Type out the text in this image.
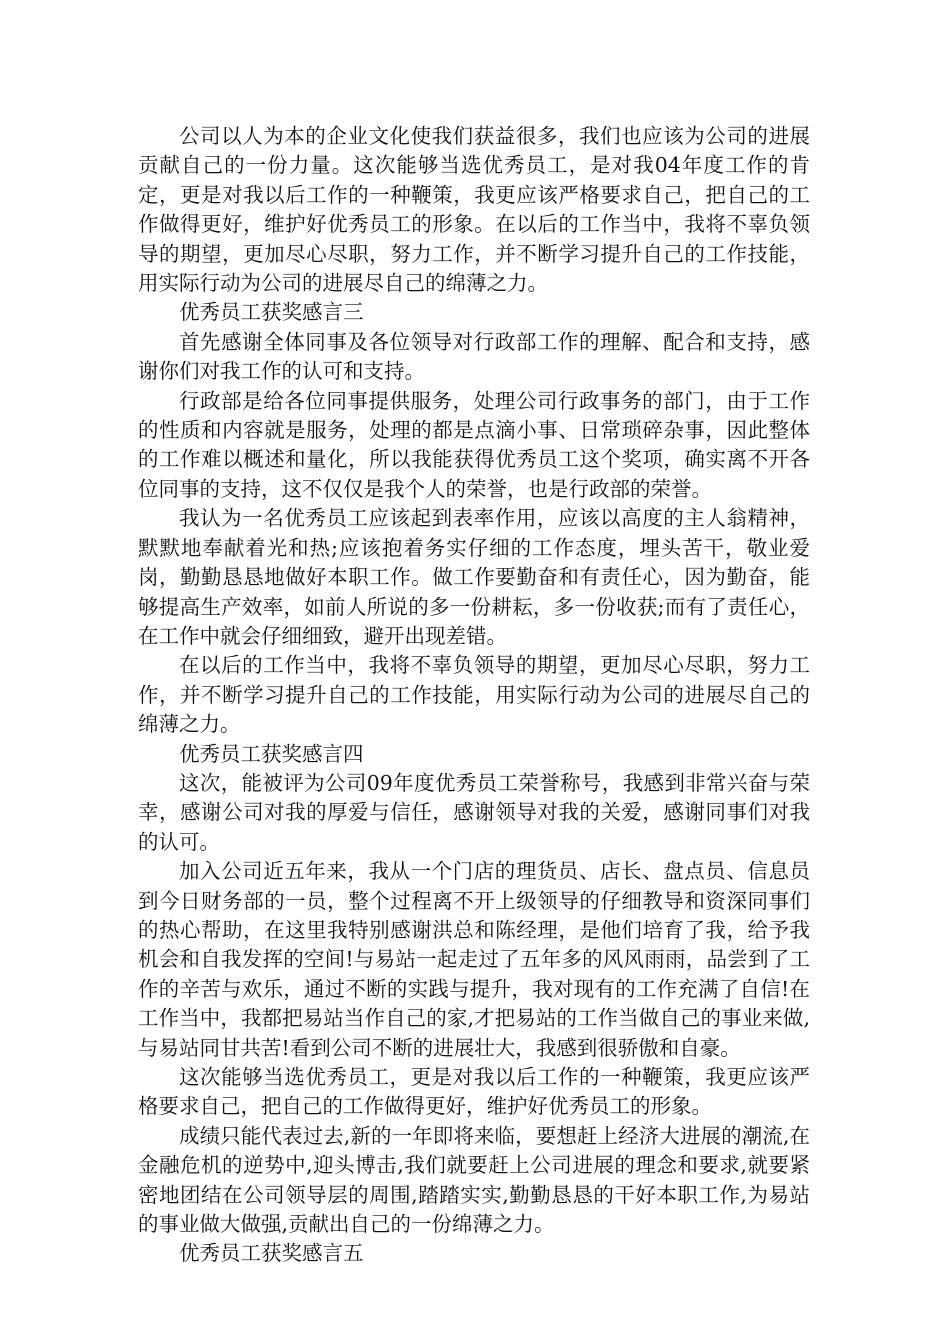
公司以人为本的企业文化使我们获益很多，我们也应该为公司的进展贡献自己的一份力量。这次能够当选优秀员工，是对我04年度工作的肯定，更是对我以后工作的一种鞭策，我更应该严格要求自己，把自己的工作做得更好，维护好优秀员工的形象。在以后的工作当中，我将不辜负领导的期望，更加尽心尽职，努力工作，并不断学习提升自己的工作技能，用实际行动为公司的进展尽自己的绵薄之力。

优秀员工获奖感言三

首先感谢全体同事及各位领导对行政部工作的理解、配合和支持，感谢你们对我工作的认可和支持。

行政部是给各位同事提供服务，处理公司行政事务的部门，由于工作的性质和内容就是服务，处理的都是点滴小事、日常琐碎杂事，因此整体的工作难以概述和量化，所以我能获得优秀员工这个奖项，确实离不开各位同事的支持，这不仅仅是我个人的荣誉，也是行政部的荣誉。

我认为一名优秀员工应该起到表率作用，应该以高度的主人翁精神，默默地奉献着光和热;应该抱着务实仔细的工作态度，埋头苦干，敬业爱岗，勤勤恳恳地做好本职工作。做工作要勤奋和有责任心，因为勤奋，能够提高生产效率，如前人所说的多一份耕耘，多一份收获;而有了责任心，在工作中就会仔细细致，避开出现差错。

在以后的工作当中，我将不辜负领导的期望，更加尽心尽职，努力工作，并不断学习提升自己的工作技能，用实际行动为公司的进展尽自己的绵薄之力。

优秀员工获奖感言四

这次，能被评为公司09年度优秀员工荣誉称号，我感到非常兴奋与荣幸，感谢公司对我的厚爱与信任，感谢领导对我的关爱，感谢同事们对我的认可。

加入公司近五年来，我从一个门店的理货员、店长、盘点员、信息员到今日财务部的一员，整个过程离不开上级领导的仔细教导和资深同事们的热心帮助，在这里我特别感谢洪总和陈经理，是他们培育了我，给予我机会和自我发挥的空间!与易站一起走过了五年多的风风雨雨，品尝到了工作的辛苦与欢乐，通过不断的实践与提升，我对现有的工作充满了自信!在工作当中，我都把易站当作自己的家,才把易站的工作当做自己的事业来做,与易站同甘共苦!看到公司不断的进展壮大，我感到很骄傲和自豪。

这次能够当选优秀员工，更是对我以后工作的一种鞭策，我更应该严格要求自己，把自己的工作做得更好，维护好优秀员工的形象。

成绩只能代表过去,新的一年即将来临，要想赶上经济大进展的潮流,在金融危机的逆势中,迎头博击,我们就要赶上公司进展的理念和要求,就要紧密地团结在公司领导层的周围,踏踏实实,勤勤恳恳的干好本职工作,为易站的事业做大做强,贡献出自己的一份绵薄之力。

优秀员工获奖感言五
